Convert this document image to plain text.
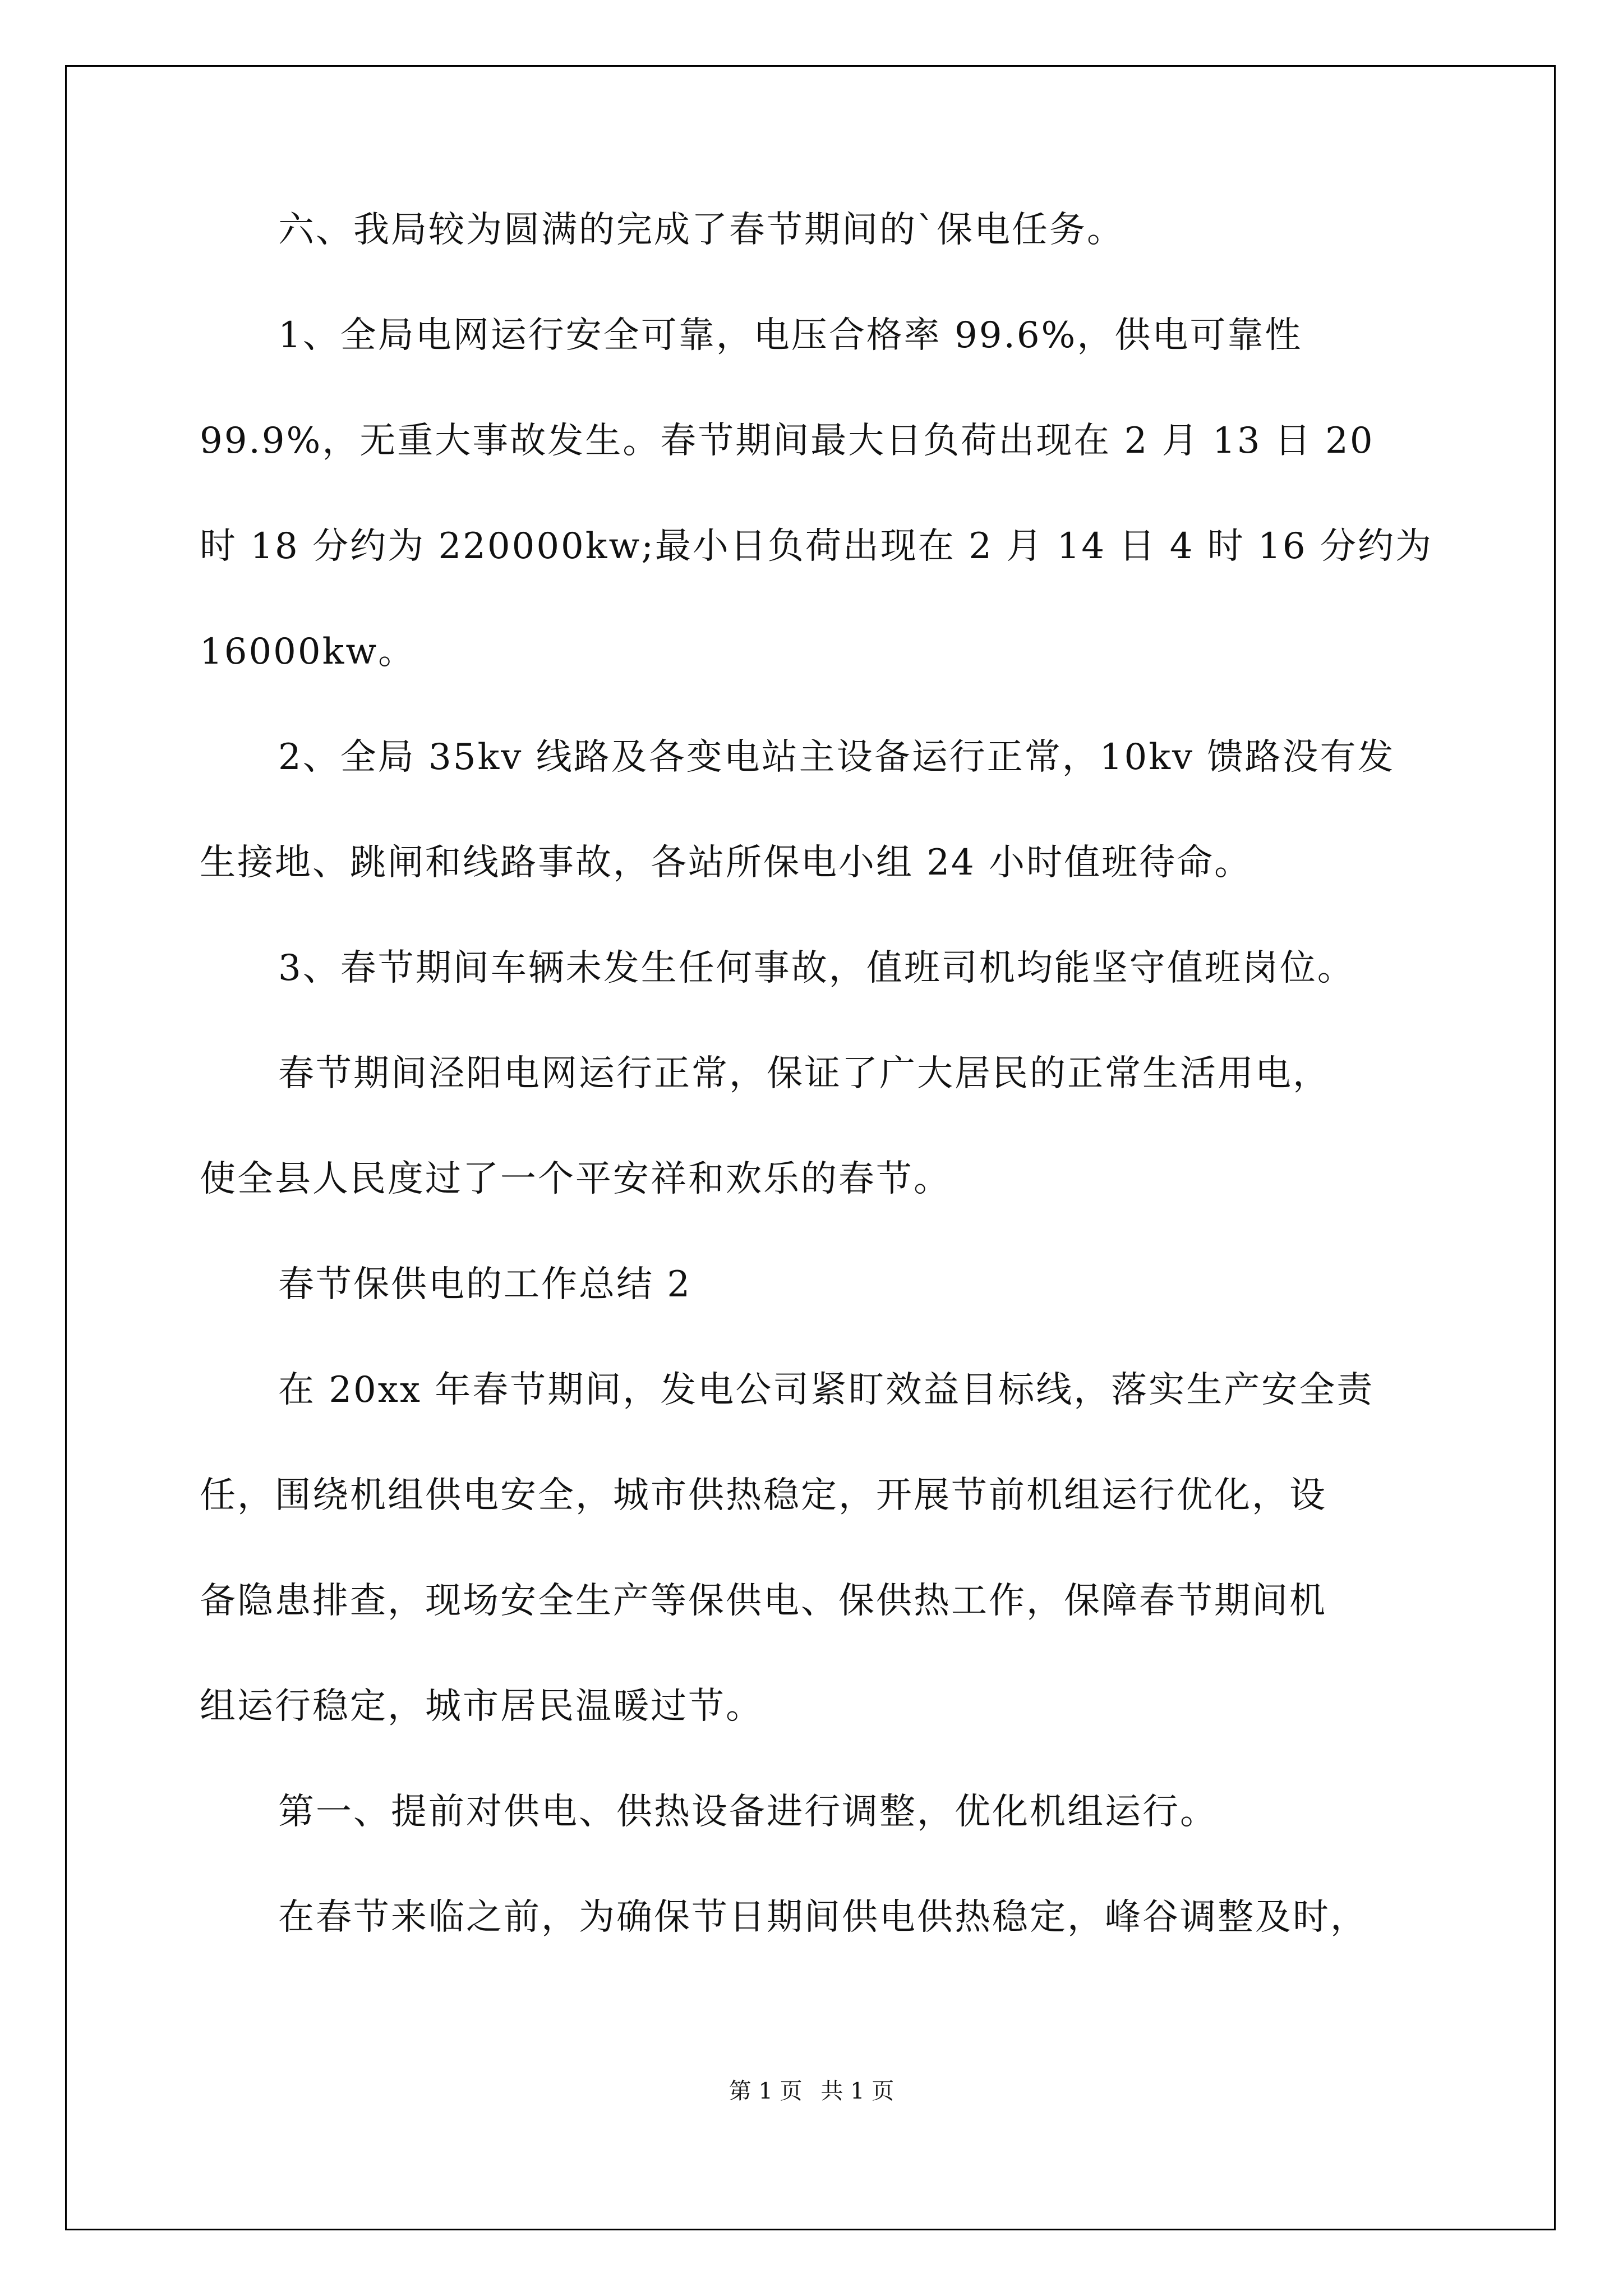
六、我局较为圆满的完成了春节期间的`保电任务。
1、全局电网运行安全可靠，电压合格率 99.6%，供电可靠性
99.9%，无重大事故发生。春节期间最大日负荷出现在 2 月 13 日 20
时 18 分约为 220000kw;最小日负荷出现在 2 月 14 日 4 时 16 分约为
16000kw。
2、全局 35kv 线路及各变电站主设备运行正常，10kv 馈路没有发
生接地、跳闸和线路事故，各站所保电小组 24 小时值班待命。
3、春节期间车辆未发生任何事故，值班司机均能坚守值班岗位。
春节期间泾阳电网运行正常，保证了广大居民的正常生活用电，
使全县人民度过了一个平安祥和欢乐的春节。
春节保供电的工作总结 2
在 20xx 年春节期间，发电公司紧盯效益目标线，落实生产安全责
任，围绕机组供电安全，城市供热稳定，开展节前机组运行优化，设
备隐患排查，现场安全生产等保供电、保供热工作，保障春节期间机
组运行稳定，城市居民温暖过节。
第一、提前对供电、供热设备进行调整，优化机组运行。
在春节来临之前，为确保节日期间供电供热稳定，峰谷调整及时，
第 1 页 共 1 页
